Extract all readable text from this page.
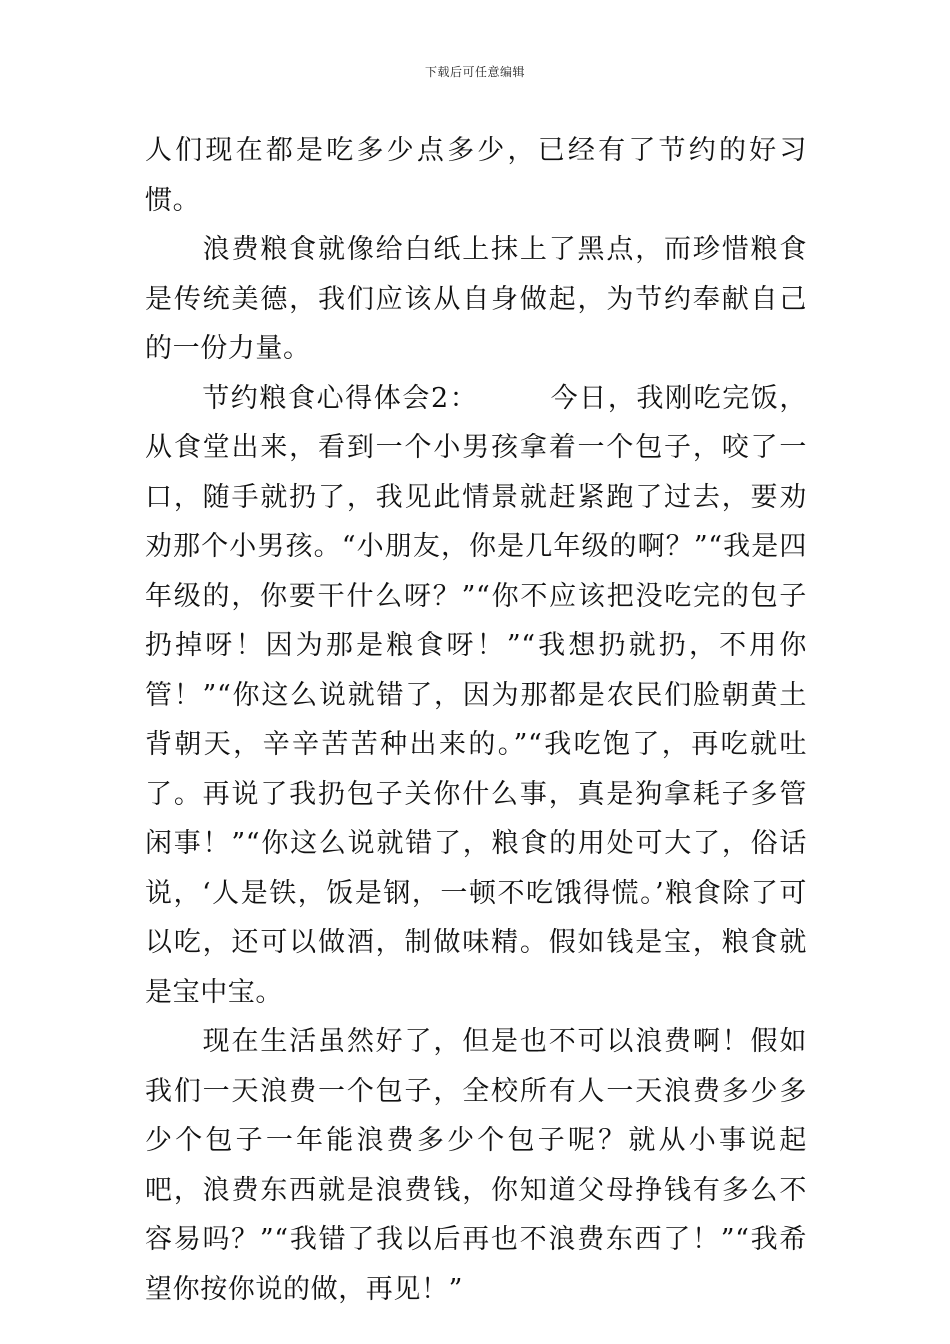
下载后可任意编辑

人们现在都是吃多少点多少，已经有了节约的好习惯。

　　浪费粮食就像给白纸上抹上了黑点，而珍惜粮食是传统美德，我们应该从自身做起，为节约奉献自己的一份力量。

　　节约粮食心得体会2：　　　今日，我刚吃完饭，从食堂出来，看到一个小男孩拿着一个包子，咬了一口，随手就扔了，我见此情景就赶紧跑了过去，要劝劝那个小男孩。“小朋友，你是几年级的啊？”“我是四年级的，你要干什么呀？”“你不应该把没吃完的包子扔掉呀！因为那是粮食呀！”“我想扔就扔，不用你管！”“你这么说就错了，因为那都是农民们脸朝黄土背朝天，辛辛苦苦种出来的。”“我吃饱了，再吃就吐了。再说了我扔包子关你什么事，真是狗拿耗子多管闲事！”“你这么说就错了，粮食的用处可大了，俗话说，‘人是铁，饭是钢，一顿不吃饿得慌。’粮食除了可以吃，还可以做酒，制做味精。假如钱是宝，粮食就是宝中宝。

　　现在生活虽然好了，但是也不可以浪费啊！假如我们一天浪费一个包子，全校所有人一天浪费多少多少个包子一年能浪费多少个包子呢？就从小事说起吧，浪费东西就是浪费钱，你知道父母挣钱有多么不容易吗？”“我错了我以后再也不浪费东西了！”“我希望你按你说的做，再见！”
